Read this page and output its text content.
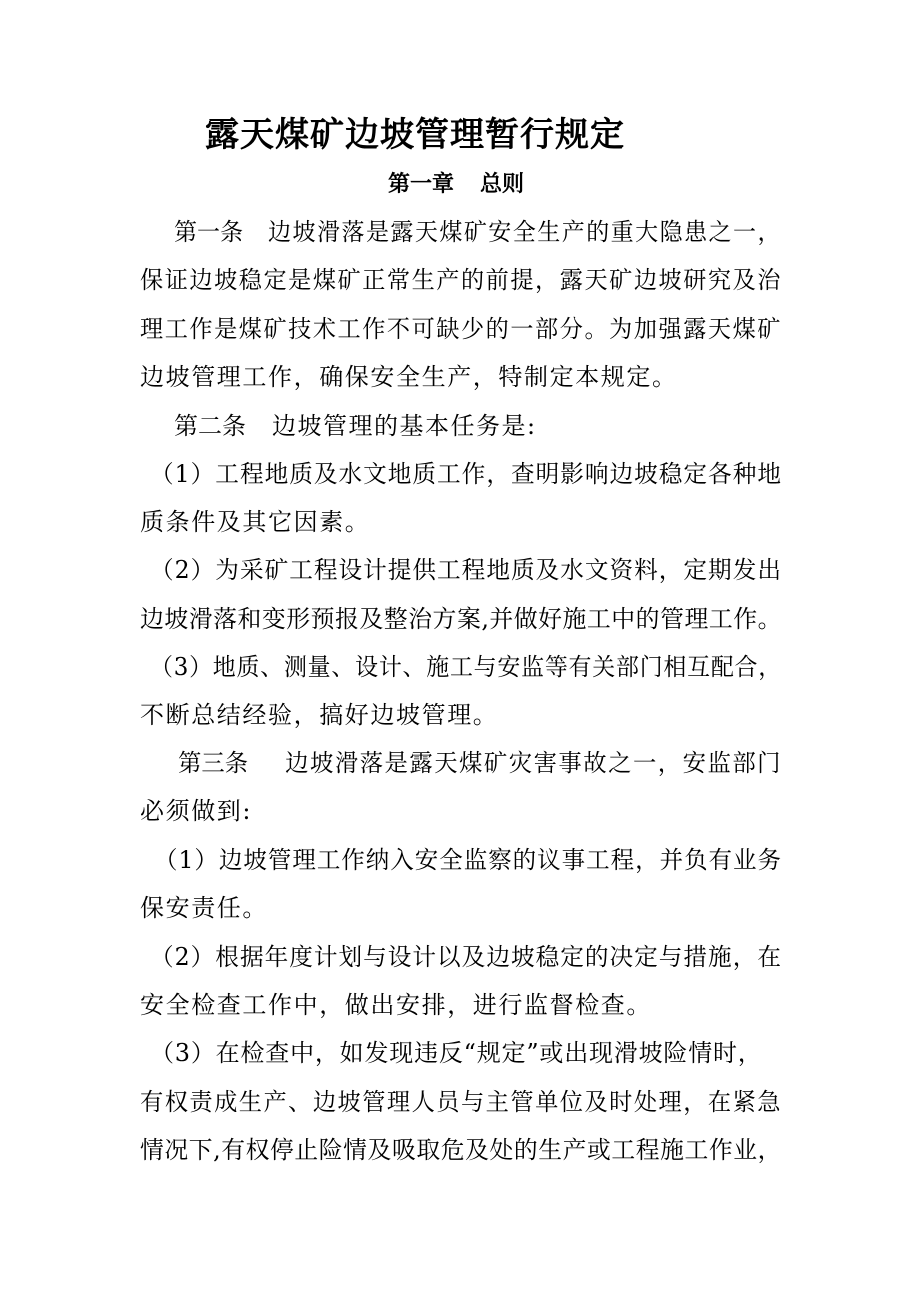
露天煤矿边坡管理暂行规定
第一章 总则
第一条 边坡滑落是露天煤矿安全生产的重大隐患之一，
保证边坡稳定是煤矿正常生产的前提，露天矿边坡研究及治
理工作是煤矿技术工作不可缺少的一部分。为加强露天煤矿
边坡管理工作，确保安全生产，特制定本规定。
第二条 边坡管理的基本任务是:
（1）工程地质及水文地质工作，查明影响边坡稳定各种地
质条件及其它因素。
（2）为采矿工程设计提供工程地质及水文资料，定期发出
边坡滑落和变形预报及整治方案,并做好施工中的管理工作。
（3）地质、测量、设计、施工与安监等有关部门相互配合，
不断总结经验，搞好边坡管理。
第三条 边坡滑落是露天煤矿灾害事故之一，安监部门
必须做到:
（1）边坡管理工作纳入安全监察的议事工程，并负有业务
保安责任。
（2）根据年度计划与设计以及边坡稳定的决定与措施，在
安全检查工作中，做出安排，进行监督检查。
（3）在检查中，如发现违反“规定”或出现滑坡险情时，
有权责成生产、边坡管理人员与主管单位及时处理，在紧急
情况下,有权停止险情及吸取危及处的生产或工程施工作业，
